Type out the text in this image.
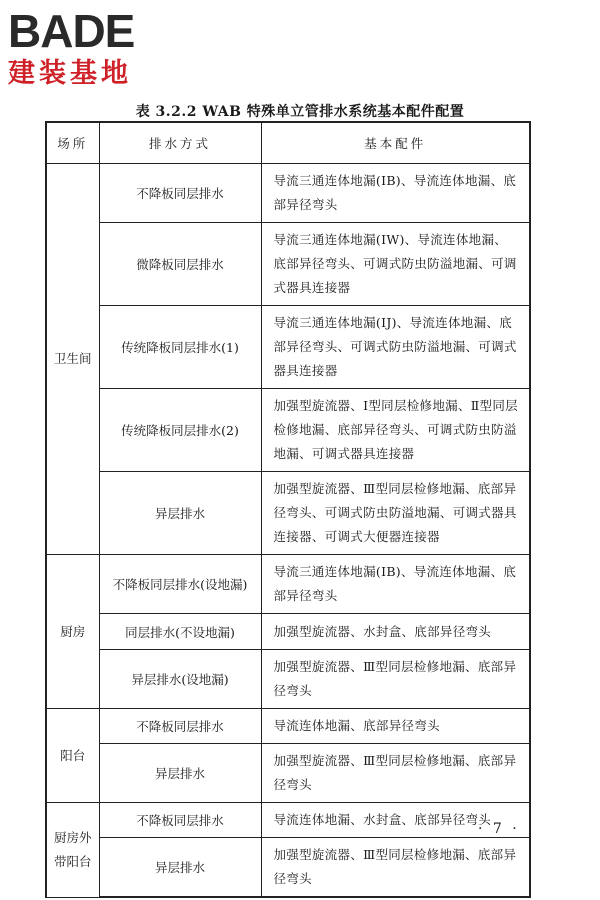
BADE
建装基地
表 3.2.2 WAB 特殊单立管排水系统基本配件配置
场所	排水方式	基本配件
卫生间	不降板同层排水	导流三通连体地漏(IB)、导流连体地漏、底部异径弯头
	微降板同层排水	导流三通连体地漏(IW)、导流连体地漏、底部异径弯头、可调式防虫防溢地漏、可调式器具连接器
	传统降板同层排水(1)	导流三通连体地漏(IJ)、导流连体地漏、底部异径弯头、可调式防虫防溢地漏、可调式器具连接器
	传统降板同层排水(2)	加强型旋流器、Ⅰ型同层检修地漏、Ⅱ型同层检修地漏、底部异径弯头、可调式防虫防溢地漏、可调式器具连接器
	异层排水	加强型旋流器、Ⅲ型同层检修地漏、底部异径弯头、可调式防虫防溢地漏、可调式器具连接器、可调式大便器连接器
厨房	不降板同层排水(设地漏)	导流三通连体地漏(IB)、导流连体地漏、底部异径弯头
	同层排水(不设地漏)	加强型旋流器、水封盒、底部异径弯头
	异层排水(设地漏)	加强型旋流器、Ⅲ型同层检修地漏、底部异径弯头
阳台	不降板同层排水	导流连体地漏、底部异径弯头
	异层排水	加强型旋流器、Ⅲ型同层检修地漏、底部异径弯头
厨房外带阳台	不降板同层排水	导流连体地漏、水封盒、底部异径弯头
	异层排水	加强型旋流器、Ⅲ型同层检修地漏、底部异径弯头
· 7 ·
